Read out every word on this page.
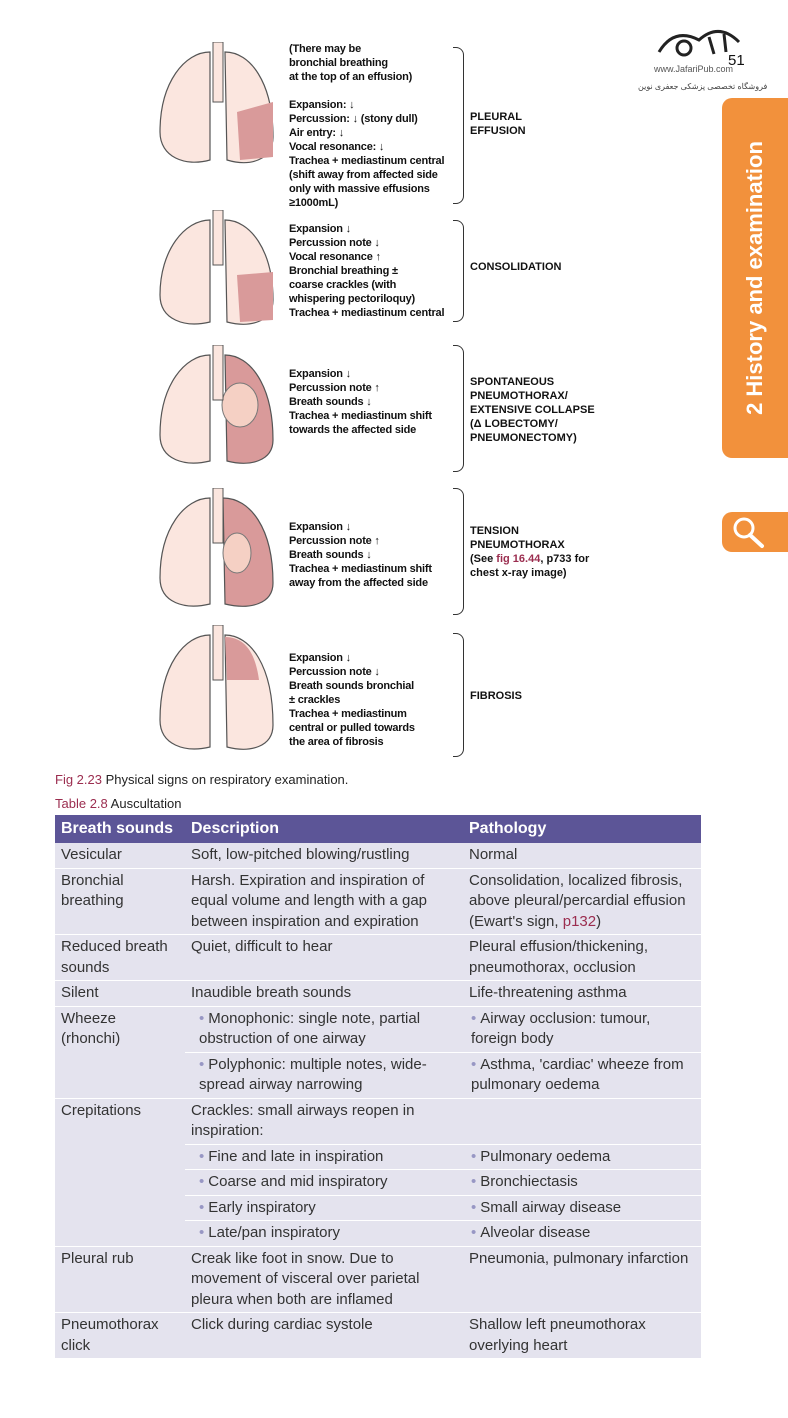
www.JafariPub.com
فروشگاه تخصصی پزشکی جعفری نوین
51
2 History and examination
(There may be
bronchial breathing
at the top of an effusion)

Expansion: ↓
Percussion: ↓ (stony dull)
Air entry: ↓
Vocal resonance: ↓
Trachea + mediastinum central
(shift away from affected side
only with massive effusions
≥1000mL)
PLEURAL
EFFUSION
Expansion ↓
Percussion note ↓
Vocal resonance ↑
Bronchial breathing ±
coarse crackles (with
whispering pectoriloquy)
Trachea + mediastinum central
CONSOLIDATION
Expansion ↓
Percussion note ↑
Breath sounds ↓
Trachea + mediastinum shift
towards the affected side
SPONTANEOUS
PNEUMOTHORAX/
EXTENSIVE COLLAPSE
(Δ LOBECTOMY/
PNEUMONECTOMY)
Expansion ↓
Percussion note ↑
Breath sounds ↓
Trachea + mediastinum shift
away from the affected side
TENSION
PNEUMOTHORAX
(See fig 16.44, p733 for
chest x-ray image)
Expansion ↓
Percussion note ↓
Breath sounds bronchial
± crackles
Trachea + mediastinum
central or pulled towards
the area of fibrosis
FIBROSIS
Fig 2.23 Physical signs on respiratory examination.
Table 2.8 Auscultation
Breath sounds	Description	Pathology
Vesicular	Soft, low-pitched blowing/rustling	Normal
Bronchial breathing	Harsh. Expiration and inspiration of equal volume and length with a gap between inspiration and expiration	Consolidation, localized fibrosis, above pleural/percardial effusion (Ewart's sign, p132)
Reduced breath sounds	Quiet, difficult to hear	Pleural effusion/thickening, pneumothorax, occlusion
Silent	Inaudible breath sounds	Life-threatening asthma
Wheeze (rhonchi)	• Monophonic: single note, partial obstruction of one airway	• Airway occlusion: tumour, foreign body
	• Polyphonic: multiple notes, wide-spread airway narrowing	• Asthma, 'cardiac' wheeze from pulmonary oedema
Crepitations	Crackles: small airways reopen in inspiration:	
	• Fine and late in inspiration	• Pulmonary oedema
	• Coarse and mid inspiratory	• Bronchiectasis
	• Early inspiratory	• Small airway disease
	• Late/pan inspiratory	• Alveolar disease
Pleural rub	Creak like foot in snow. Due to movement of visceral over parietal pleura when both are inflamed	Pneumonia, pulmonary infarction
Pneumothorax click	Click during cardiac systole	Shallow left pneumothorax overlying heart
